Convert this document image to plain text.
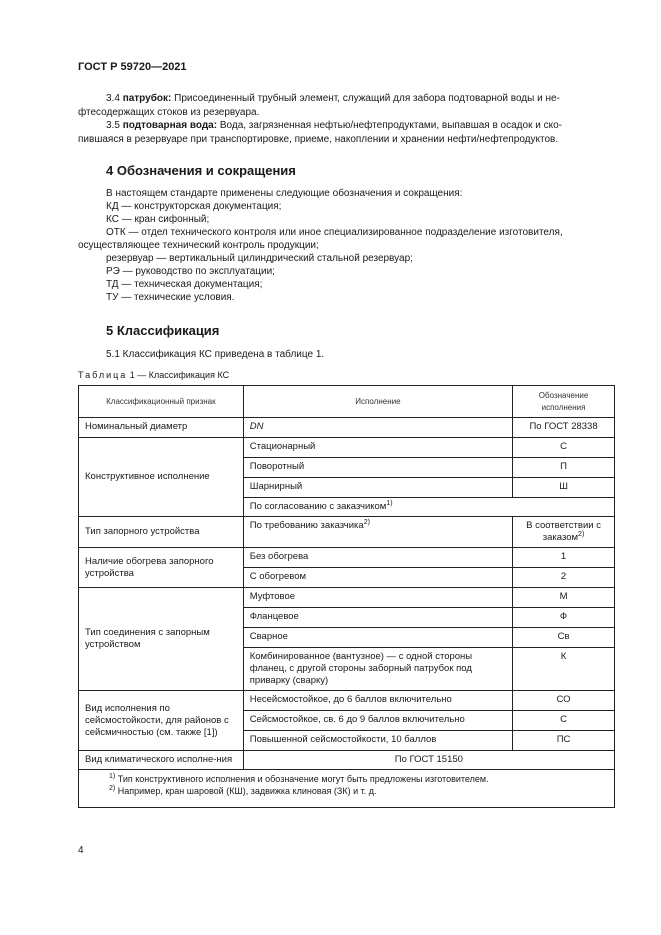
ГОСТ Р 59720—2021
3.4 патрубок: Присоединенный трубный элемент, служащий для забора подтоварной воды и не-
фтесодержащих стоков из резервуара.
3.5 подтоварная вода: Вода, загрязненная нефтью/нефтепродуктами, выпавшая в осадок и ско-
пившаяся в резервуаре при транспортировке, приеме, накоплении и хранении нефти/нефтепродуктов.
4 Обозначения и сокращения
В настоящем стандарте применены следующие обозначения и сокращения:
КД — конструкторская документация;
КС — кран сифонный;
ОТК — отдел технического контроля или иное специализированное подразделение изготовителя,
осуществляющее технический контроль продукции;
резервуар — вертикальный цилиндрический стальной резервуар;
РЭ — руководство по эксплуатации;
ТД — техническая документация;
ТУ — технические условия.
5 Классификация
5.1 Классификация КС приведена в таблице 1.
Таблица 1 — Классификация КС
Классификационный признак	Исполнение	Обозначение исполнения
Номинальный диаметр	DN	По ГОСТ 28338
Конструктивное исполнение	Стационарный	С
	Поворотный	П
	Шарнирный	Ш
	По согласованию с заказчиком$^{1)}$
Тип запорного устройства	По требованию заказчика$^{2)}$	В соответствии с заказом$^{2)}$
Наличие обогрева запорного устройства	Без обогрева	1
	С обогревом	2
Тип соединения с запорным устройством	Муфтовое	М
	Фланцевое	Ф
	Сварное	Св
	Комбинированное (вантузное) — с одной стороны фланец, с другой стороны заборный патрубок под приварку (сварку)	К
Вид исполнения по сейсмостойкости, для районов с сейсмичностью (см. также [1])	Несейсмостойкое, до 6 баллов включительно	СО
	Сейсмостойкое, св. 6 до 9 баллов включительно	С
	Повышенной сейсмостойкости, 10 баллов	ПС
Вид климатического исполне-ния	По ГОСТ 15150	

$^{1)}$ Тип конструктивного исполнения и обозначение могут быть предложены изготовителем.
$^{2)}$ Например, кран шаровой (КШ), задвижка клиновая (ЗК) и т. д.		
4
